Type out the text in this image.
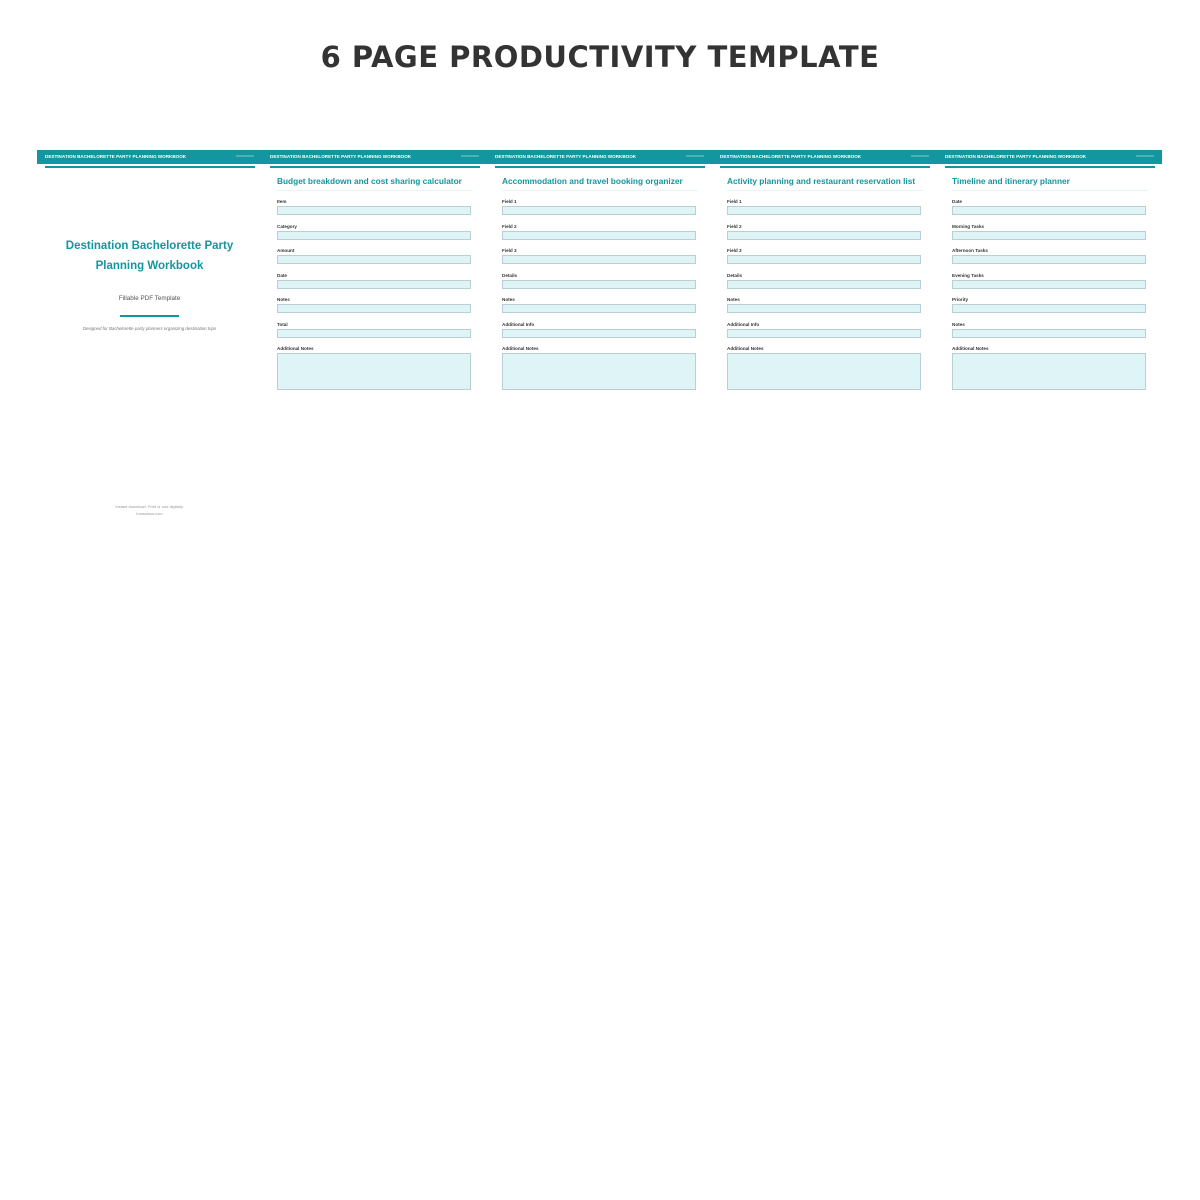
6 PAGE PRODUCTIVITY TEMPLATE
DESTINATION BACHELORETTE PARTY PLANNING WORKBOOK
Destination Bachelorette Party
Planning Workbook
Fillable PDF Template
Designed for Bachelorette party planners organizing destination trips
Instant download. Print or use digitally.
bossshow.com
DESTINATION BACHELORETTE PARTY PLANNING WORKBOOK
Budget breakdown and cost sharing calculator
Item
Category
Amount
Date
Notes
Total
Additional Notes
DESTINATION BACHELORETTE PARTY PLANNING WORKBOOK
Accommodation and travel booking organizer
Field 1
Field 2
Field 3
Details
Notes
Additional Info
Additional Notes
DESTINATION BACHELORETTE PARTY PLANNING WORKBOOK
Activity planning and restaurant reservation list
Field 1
Field 2
Field 3
Details
Notes
Additional Info
Additional Notes
DESTINATION BACHELORETTE PARTY PLANNING WORKBOOK
Timeline and itinerary planner
Date
Morning Tasks
Afternoon Tasks
Evening Tasks
Priority
Notes
Additional Notes
